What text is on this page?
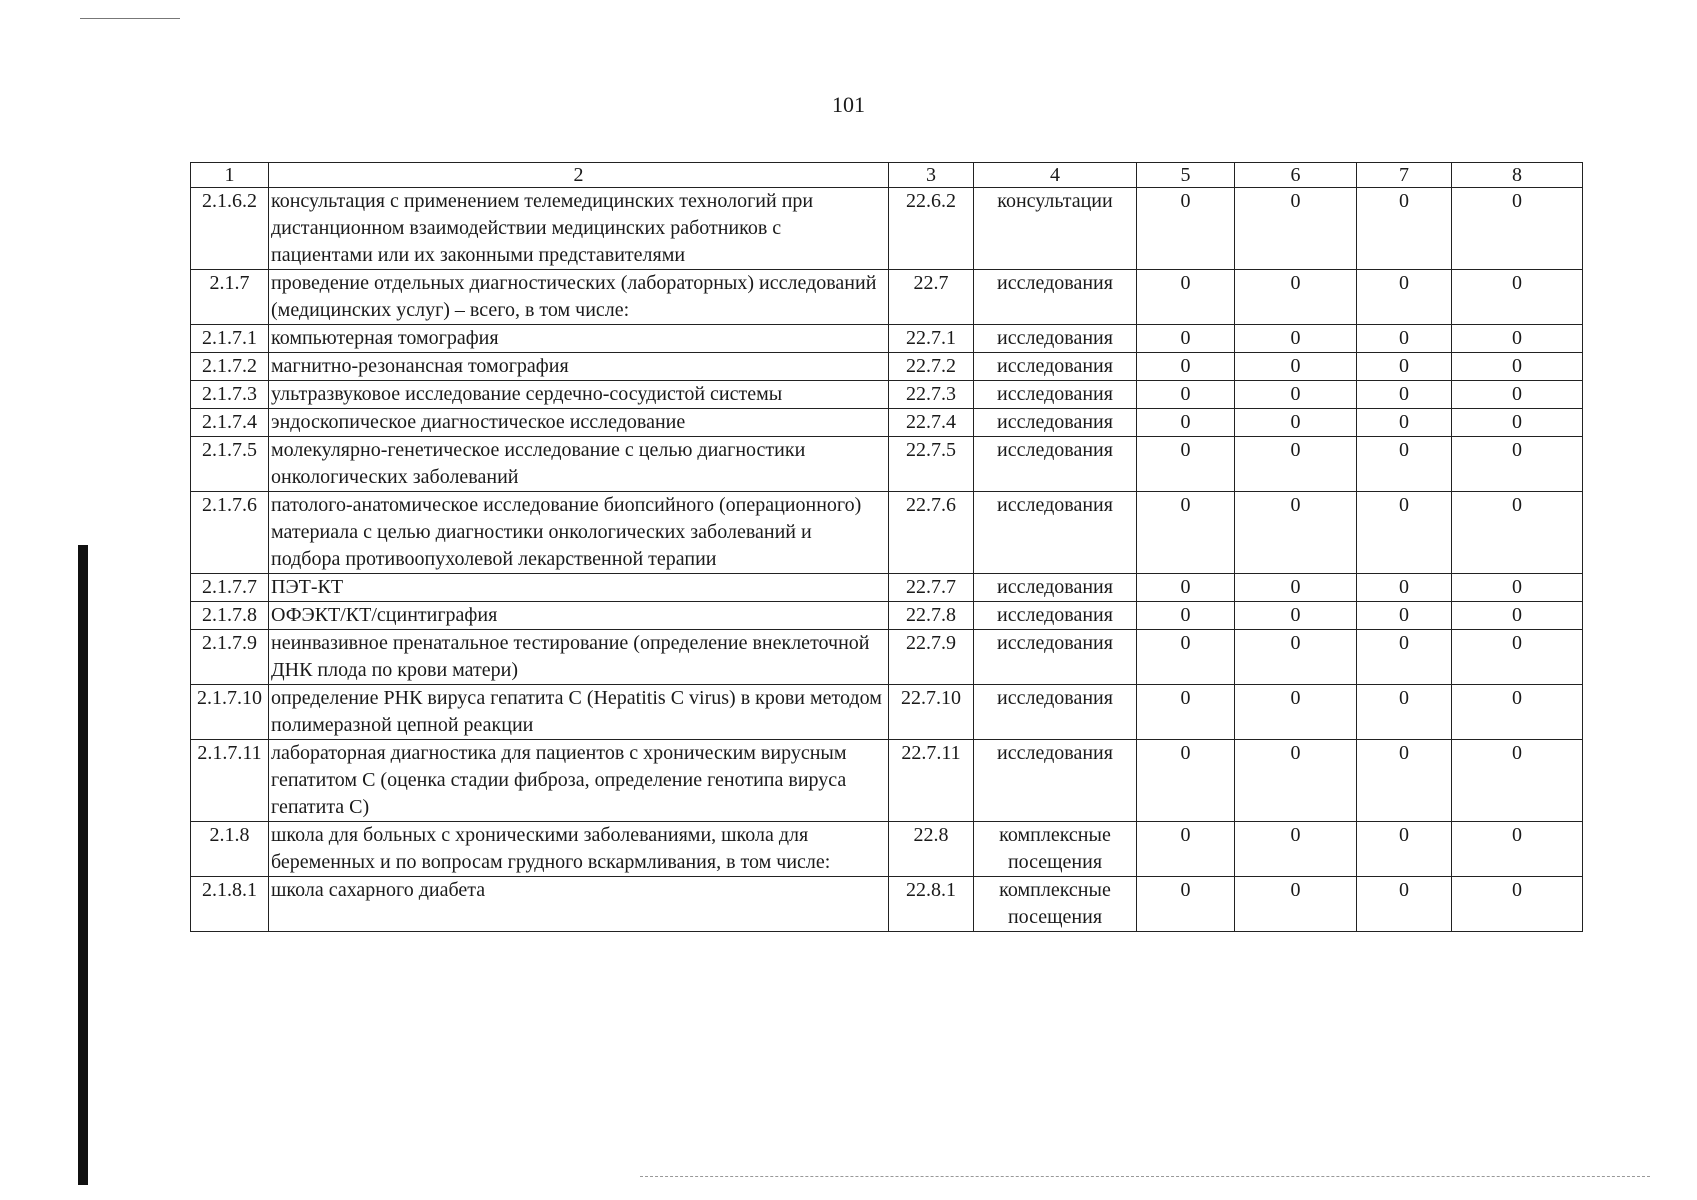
101
1	2	3	4	5	6	7	8
2.1.6.2	консультация с применением телемедицинских технологий при дистанционном взаимодействии медицинских работников с пациентами или их законными представителями	22.6.2	консультации	0	0	0	0
2.1.7	проведение отдельных диагностических (лабораторных) исследований (медицинских услуг) – всего, в том числе:	22.7	исследования	0	0	0	0
2.1.7.1	компьютерная томография	22.7.1	исследования	0	0	0	0
2.1.7.2	магнитно-резонансная томография	22.7.2	исследования	0	0	0	0
2.1.7.3	ультразвуковое исследование сердечно-сосудистой системы	22.7.3	исследования	0	0	0	0
2.1.7.4	эндоскопическое диагностическое исследование	22.7.4	исследования	0	0	0	0
2.1.7.5	молекулярно-генетическое исследование с целью диагностики онкологических заболеваний	22.7.5	исследования	0	0	0	0
2.1.7.6	патолого-анатомическое исследование биопсийного (операционного) материала с целью диагностики онкологических заболеваний и подбора противоопухолевой лекарственной терапии	22.7.6	исследования	0	0	0	0
2.1.7.7	ПЭТ-КТ	22.7.7	исследования	0	0	0	0
2.1.7.8	ОФЭКТ/КТ/сцинтиграфия	22.7.8	исследования	0	0	0	0
2.1.7.9	неинвазивное пренатальное тестирование (определение внеклеточной ДНК плода по крови матери)	22.7.9	исследования	0	0	0	0
2.1.7.10	определение РНК вируса гепатита С (Hepatitis C virus) в крови методом полимеразной цепной реакции	22.7.10	исследования	0	0	0	0
2.1.7.11	лабораторная диагностика для пациентов с хроническим вирусным гепатитом С (оценка стадии фиброза, определение генотипа вируса гепатита С)	22.7.11	исследования	0	0	0	0
2.1.8	школа для больных с хроническими заболеваниями, школа для беременных и по вопросам грудного вскармливания, в том числе:	22.8	комплексные посещения	0	0	0	0
2.1.8.1	школа сахарного диабета	22.8.1	комплексные посещения	0	0	0	0
